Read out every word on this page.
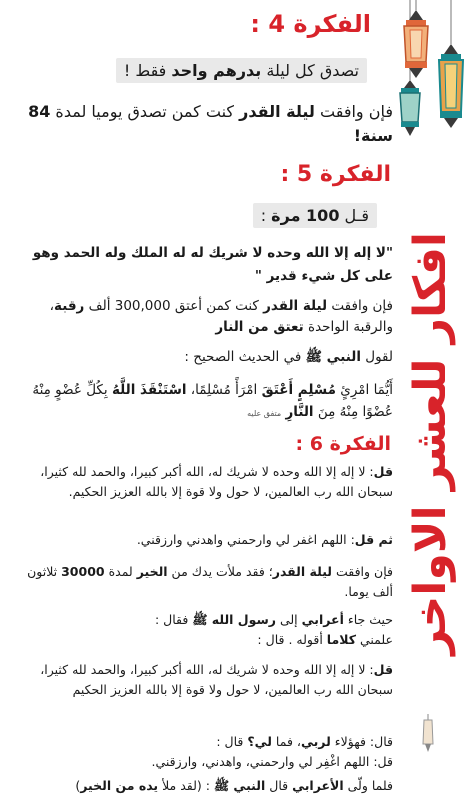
افكار للعشر الاواخر
الفكرة 4 :
تصدق كل ليلة بدرهم واحد فقط !

فإن وافقت ليلة القدر كنت كمن تصدق يوميا لمدة 84 سنة!

الفكرة 5 :
قـل 100 مرة :

"لا إله إلا الله وحده لا شريك له له الملك وله الحمد وهو على كل شيء قدير "

فإن وافقت ليلة القدر كنت كمن أعتق 300,000 ألف رقبة، والرقبة الواحدة تعتق من النار

لقول النبي ﷺ في الحديث الصحيح :

أَيُّمَا امْرِئٍ مُسْلِمٍ أَعْتَقَ امْرَأً مُسْلِمًا، اسْتَنْقَذَ اللَّهُ بِكُلِّ عُضْوٍ مِنْهُ عُضْوًا مِنْهُ مِنَ النَّارِ متفق عليه

الفكرة 6 :

قل: لا إله إلا الله وحده لا شريك له، الله أكبر كبيرا، والحمد لله كثيرا، سبحان الله رب العالمين، لا حول ولا قوة إلا بالله العزيز الحكيم.

ثم قل: اللهم اغفر لي وارحمني واهدني وارزقني.

فإن وافقت ليلة القدر؛ فقد ملأت يدك من الخير لمدة 30000 ثلاثون ألف يوما.

حيث جاء أعرابي إلى رسول الله ﷺ فقال :
علمني كلاما أقوله . قال :

قل: لا إله إلا الله وحده لا شريك له، الله أكبر كبيرا، والحمد لله كثيرا، سبحان الله رب العالمين، لا حول ولا قوة إلا بالله العزيز الحكيم

قال: فهؤلاء لربي، فما لي؟ قال :
قل: اللهم اغْفِر لي وارحمني، واهدني، وارزقني.

فلما ولّى الأعرابي قال النبي ﷺ : (لقد ملأ يده من الخير)
